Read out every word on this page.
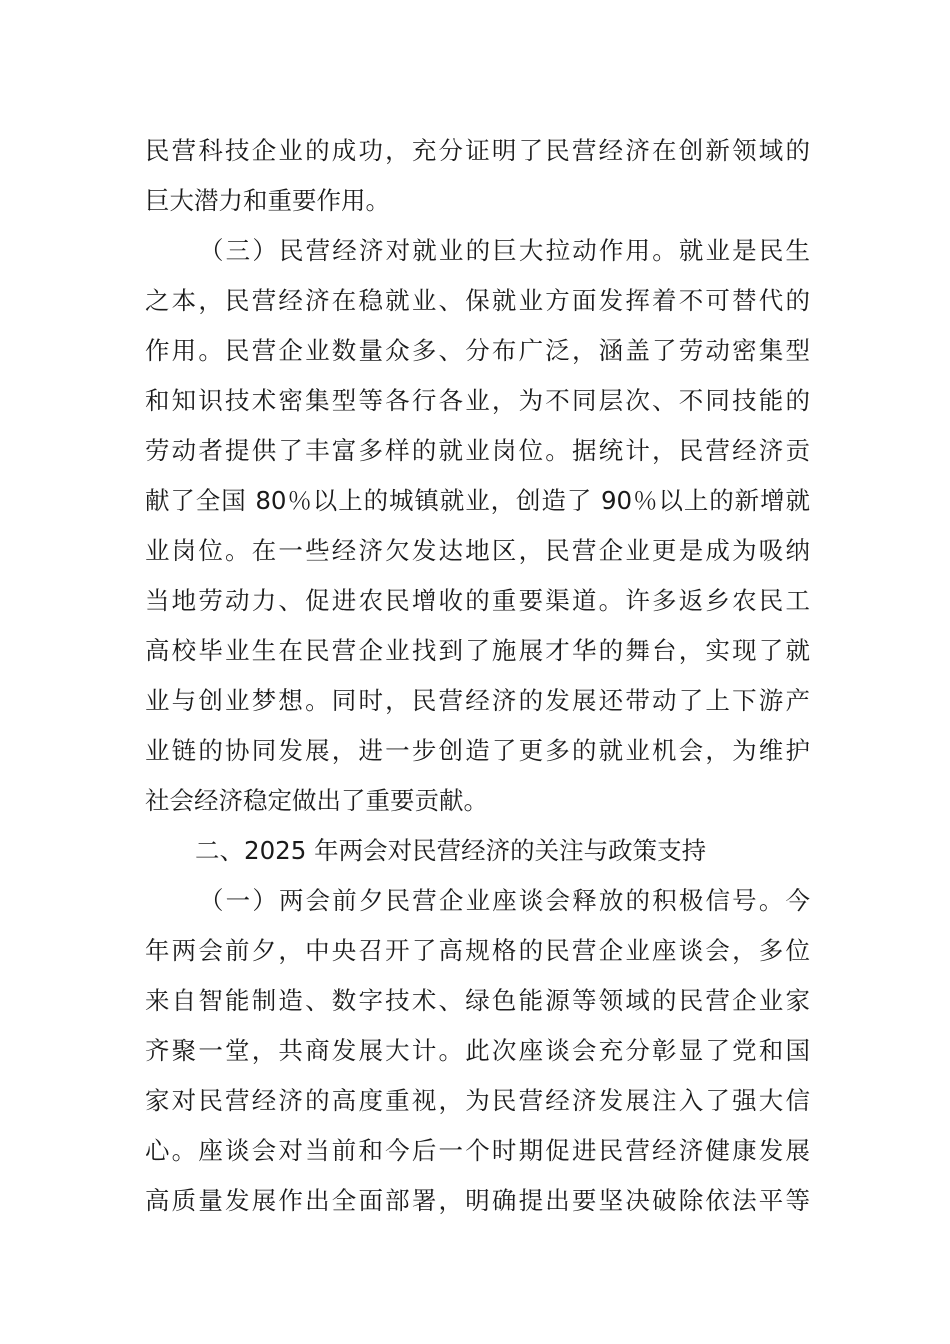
民营科技企业的成功，充分证明了民营经济在创新领域的
巨大潜力和重要作用。
（三）民营经济对就业的巨大拉动作用。就业是民生
之本，民营经济在稳就业、保就业方面发挥着不可替代的
作用。民营企业数量众多、分布广泛，涵盖了劳动密集型
和知识技术密集型等各行各业，为不同层次、不同技能的
劳动者提供了丰富多样的就业岗位。据统计，民营经济贡
献了全国 80％以上的城镇就业，创造了 90％以上的新增就
业岗位。在一些经济欠发达地区，民营企业更是成为吸纳
当地劳动力、促进农民增收的重要渠道。许多返乡农民工
高校毕业生在民营企业找到了施展才华的舞台，实现了就
业与创业梦想。同时，民营经济的发展还带动了上下游产
业链的协同发展，进一步创造了更多的就业机会，为维护
社会经济稳定做出了重要贡献。
二、2025 年两会对民营经济的关注与政策支持
（一）两会前夕民营企业座谈会释放的积极信号。今
年两会前夕，中央召开了高规格的民营企业座谈会，多位
来自智能制造、数字技术、绿色能源等领域的民营企业家
齐聚一堂，共商发展大计。此次座谈会充分彰显了党和国
家对民营经济的高度重视，为民营经济发展注入了强大信
心。座谈会对当前和今后一个时期促进民营经济健康发展
高质量发展作出全面部署，明确提出要坚决破除依法平等
